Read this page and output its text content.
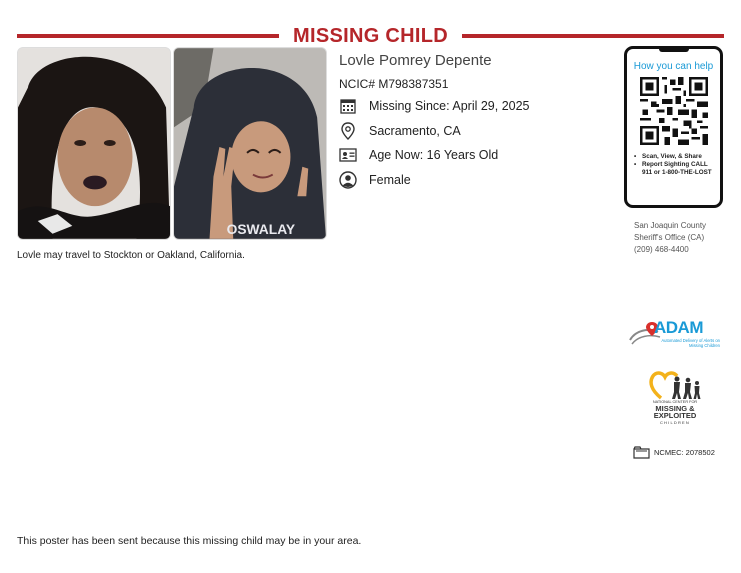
MISSING CHILD
OSWALAY
Lovle may travel to Stockton or Oakland, California.
Lovle Pomrey Depente
NCIC# M798387351
Missing Since: April 29, 2025
Sacramento, CA
Age Now: 16 Years Old
Female
How you can help
• Scan, View, & Share
• Report Sighting CALL 911 or 1-800-THE-LOST
San Joaquin County
Sheriff's Office (CA)
(209) 468-4400
ADAM
Automated Delivery of Alerts on Missing Children
NATIONAL CENTER FOR
MISSING & EXPLOITED
CHILDREN
NCMEC: 2078502
This poster has been sent because this missing child may be in your area.
